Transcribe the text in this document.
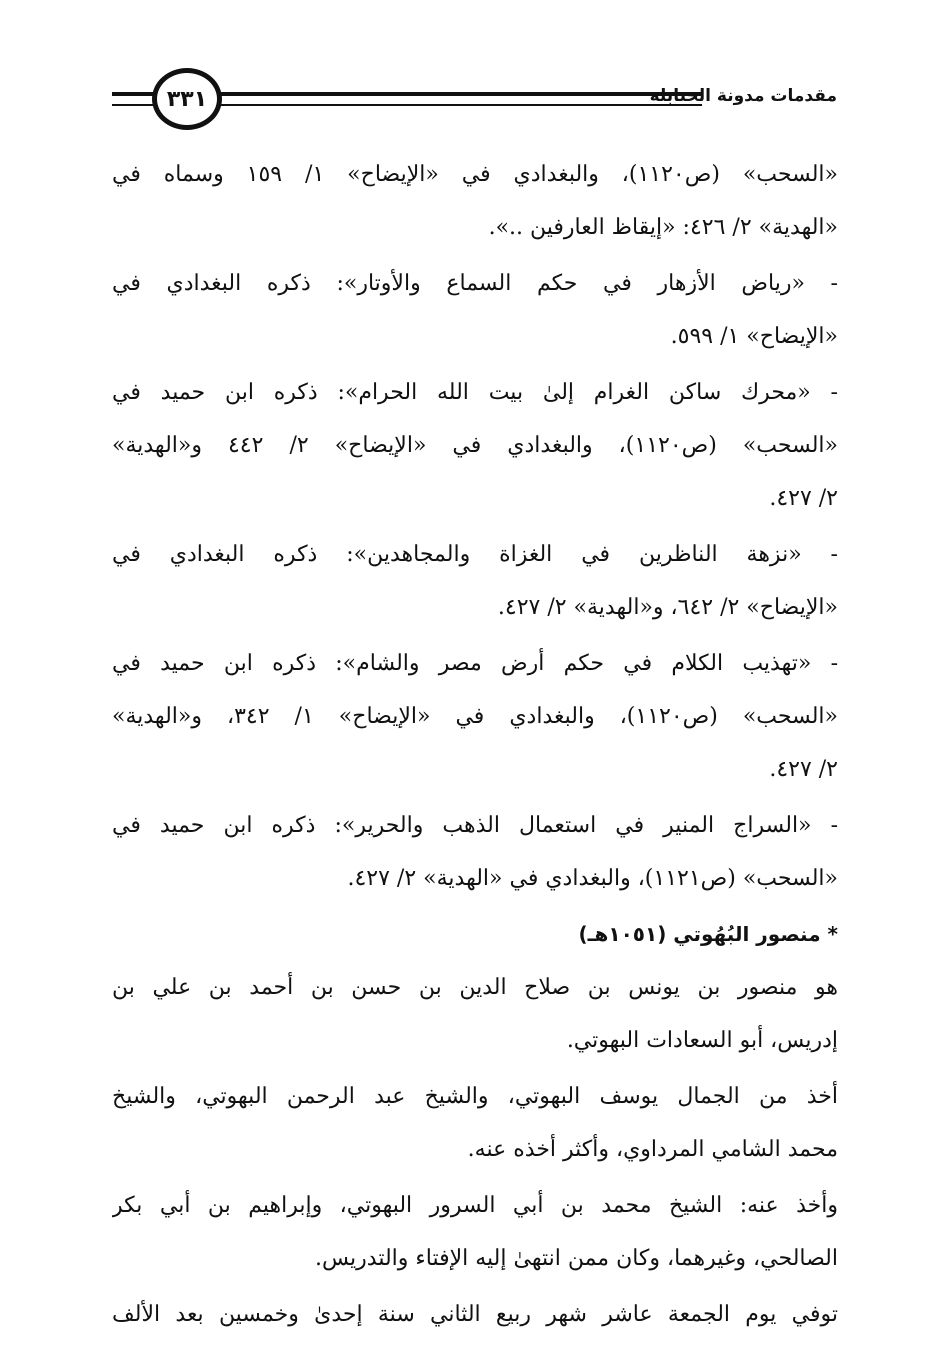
٣٣١	مقدمات مدونة الحنابلة
«السحب» (ص١١٢٠)، والبغدادي في «الإيضاح» ١/ ١٥٩ وسماه في
«الهدية» ٢/ ٤٢٦: «إيقاظ العارفين ..».
- «رياض الأزهار في حكم السماع والأوتار»: ذكره البغدادي في
«الإيضاح» ١/ ٥٩٩.
- «محرك ساكن الغرام إلىٰ بيت الله الحرام»: ذكره ابن حميد في
«السحب» (ص١١٢٠)، والبغدادي في «الإيضاح» ٢/ ٤٤٢ و«الهدية»
٢/ ٤٢٧.
- «نزهة الناظرين في الغزاة والمجاهدين»: ذكره البغدادي في
«الإيضاح» ٢/ ٦٤٢، و«الهدية» ٢/ ٤٢٧.
- «تهذيب الكلام في حكم أرض مصر والشام»: ذكره ابن حميد في
«السحب» (ص١١٢٠)، والبغدادي في «الإيضاح» ١/ ٣٤٢، و«الهدية»
٢/ ٤٢٧.
- «السراج المنير في استعمال الذهب والحرير»: ذكره ابن حميد في
«السحب» (ص١١٢١)، والبغدادي في «الهدية» ٢/ ٤٢٧.
* منصور البُهُوتي (١٠٥١هـ)
هو منصور بن يونس بن صلاح الدين بن حسن بن أحمد بن علي بن
إدريس، أبو السعادات البهوتي.
أخذ من الجمال يوسف البهوتي، والشيخ عبد الرحمن البهوتي، والشيخ
محمد الشامي المرداوي، وأكثر أخذه عنه.
وأخذ عنه: الشيخ محمد بن أبي السرور البهوتي، وإبراهيم بن أبي بكر
الصالحي، وغيرهما، وكان ممن انتهىٰ إليه الإفتاء والتدريس.
توفي يوم الجمعة عاشر شهر ربيع الثاني سنة إحدىٰ وخمسين بعد الألف
